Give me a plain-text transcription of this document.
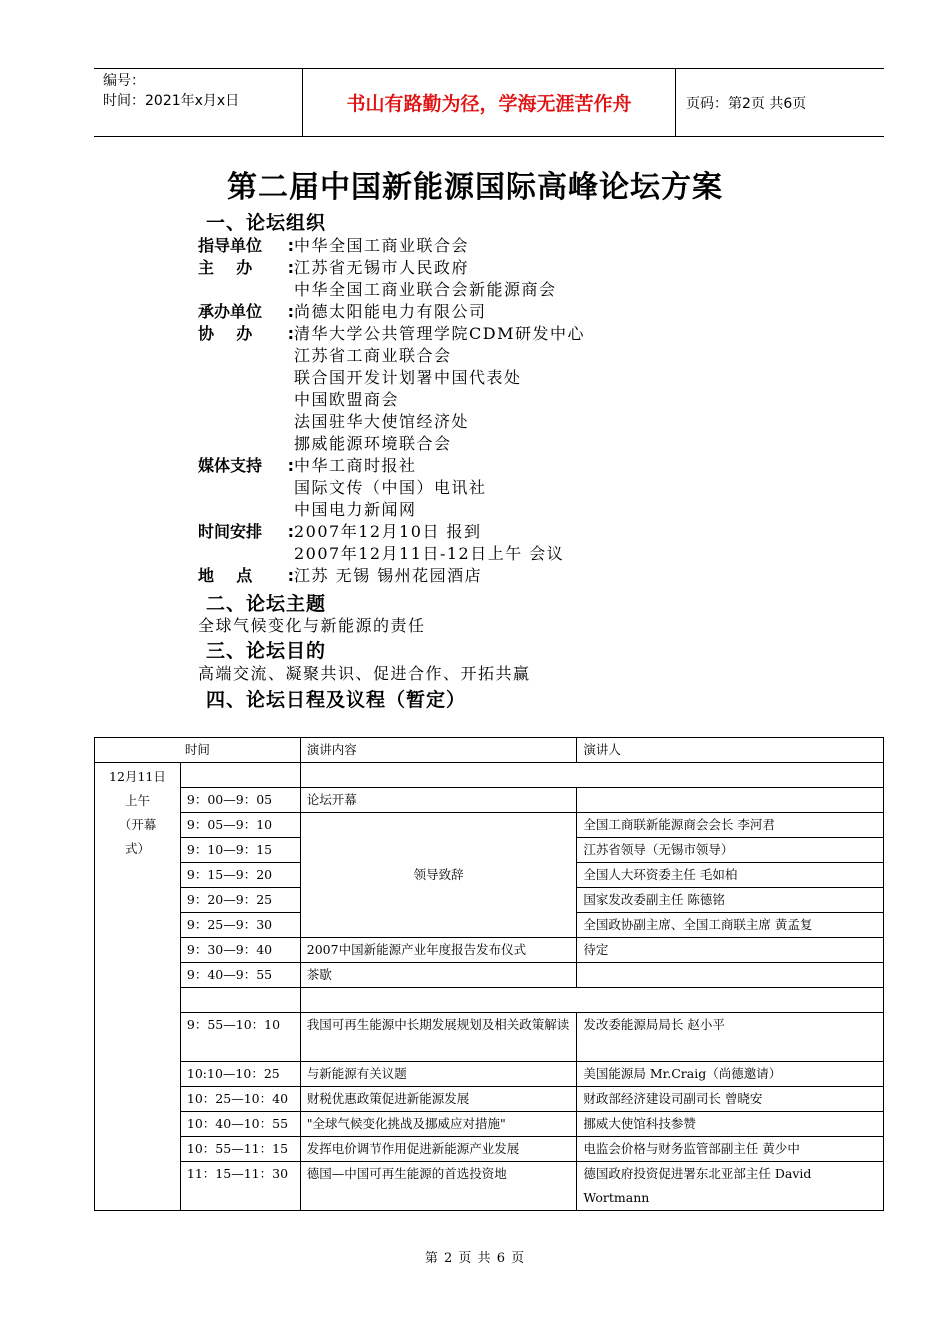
编号：
时间：2021年x月x日	书山有路勤为径，学海无涯苦作舟	页码：第2页 共6页
第二届中国新能源国际高峰论坛方案
一、论坛组织
指导单位 : 中华全国工商业联合会
主    办 : 江苏省无锡市人民政府
中华全国工商业联合会新能源商会
承办单位 : 尚德太阳能电力有限公司
协    办 : 清华大学公共管理学院CDM研发中心
江苏省工商业联合会
联合国开发计划署中国代表处
中国欧盟商会
法国驻华大使馆经济处
挪威能源环境联合会
媒体支持 : 中华工商时报社
国际文传（中国）电讯社
中国电力新闻网
时间安排 : 2007年12月10日 报到
2007年12月11日-12日上午 会议
地    点 : 江苏 无锡 锡州花园酒店
二、论坛主题
全球气候变化与新能源的责任
三、论坛目的
高端交流、凝聚共识、促进合作、开拓共赢
四、论坛日程及议程（暂定）
时间		演讲内容	演讲人

12月11日
上午
（开幕
式）			

	9：00—9：05	论坛开幕	
	9：05—9：10	领导致辞	全国工商联新能源商会会长 李河君
	9：10—9：15		江苏省领导（无锡市领导）
	9：15—9：20		全国人大环资委主任 毛如柏
	9：20—9：25		国家发改委副主任 陈德铭
	9：25—9：30		全国政协副主席、全国工商联主席 黄孟复
	9：30—9：40	2007中国新能源产业年度报告发布仪式	待定
	9：40—9：55	茶歇	

	9：55—10：10	我国可再生能源中长期发展规划及相关政策解读	发改委能源局局长 赵小平
	10:10—10：25	与新能源有关议题	美国能源局 Mr.Craig（尚德邀请）
	10：25—10：40	财税优惠政策促进新能源发展	财政部经济建设司副司长 曾晓安
	10：40—10：55	"全球气候变化挑战及挪威应对措施"	挪威大使馆科技参赞
	10：55—11：15	发挥电价调节作用促进新能源产业发展	电监会价格与财务监管部副主任 黄少中
	11：15—11：30	德国—中国可再生能源的首选投资地	德国政府投资促进署东北亚部主任 David Wortmann
第 2 页 共 6 页
